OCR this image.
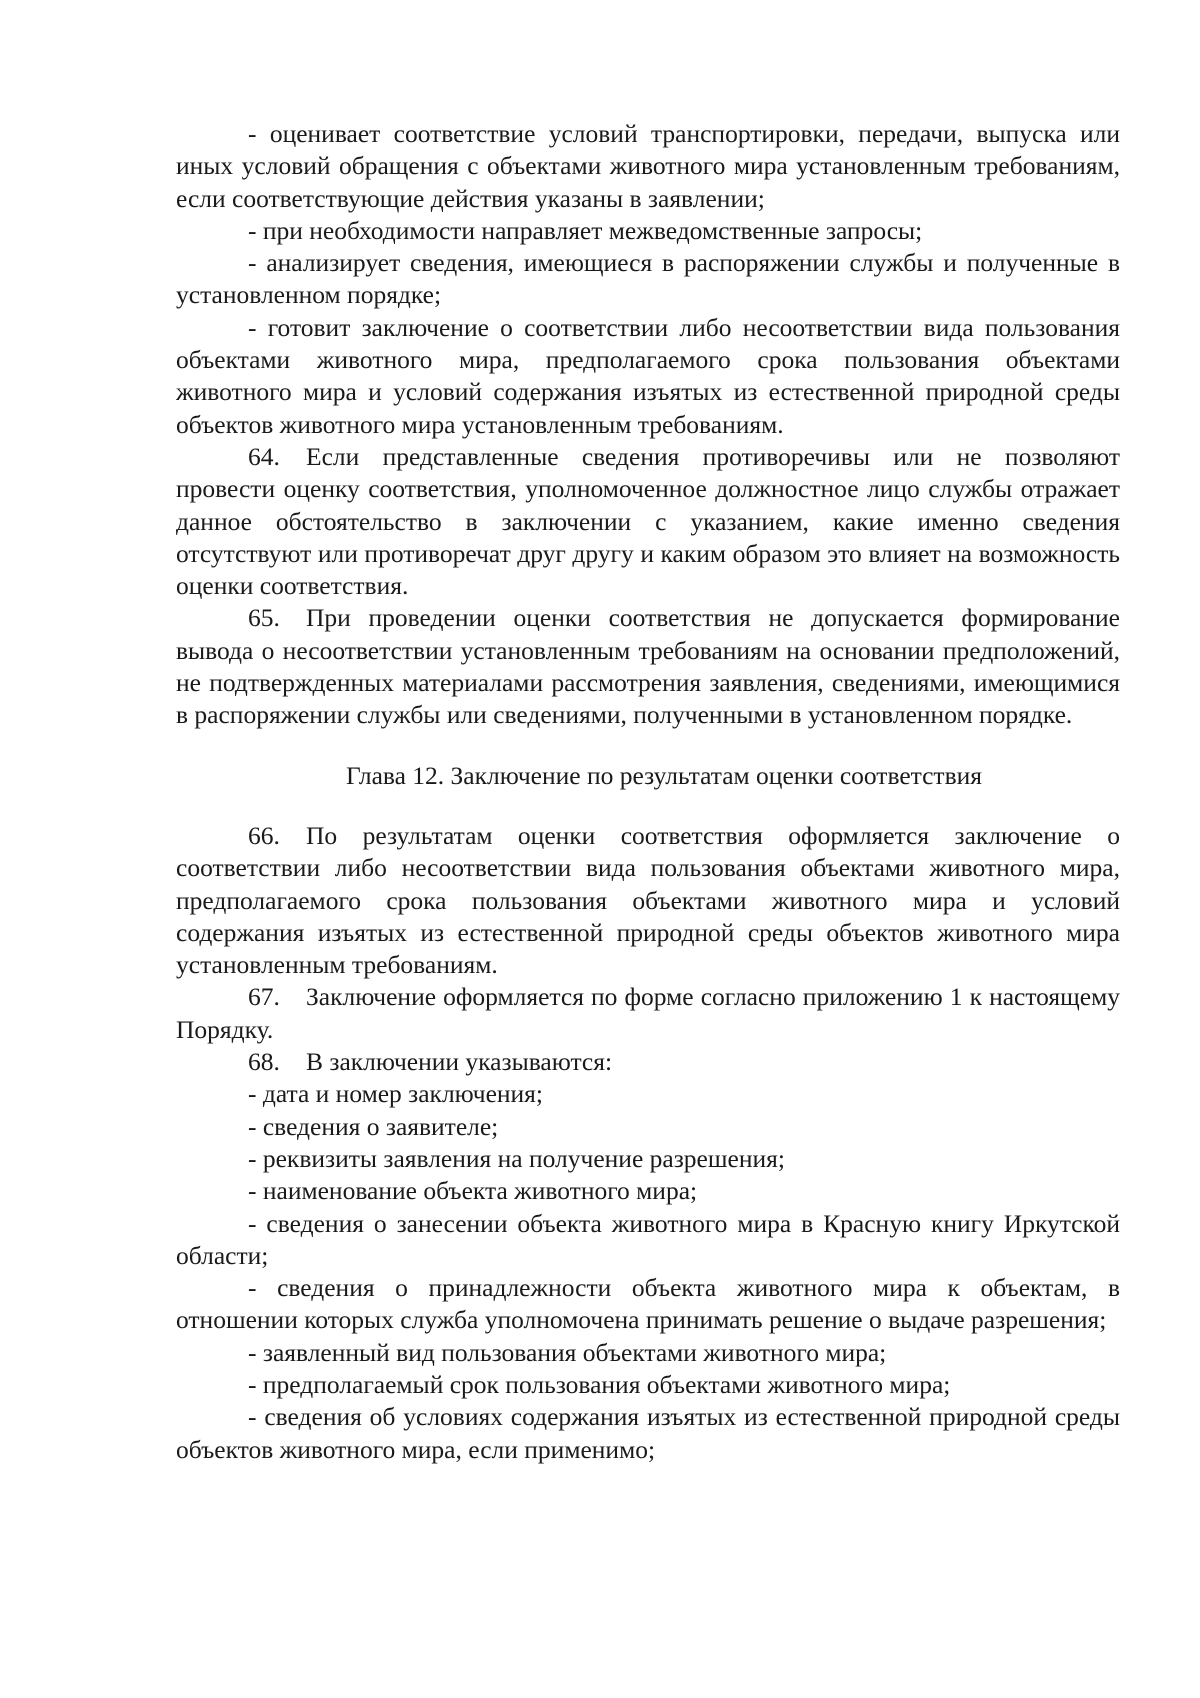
- оценивает соответствие условий транспортировки, передачи, выпуска или иных условий обращения с объектами животного мира установленным требованиям, если соответствующие действия указаны в заявлении;

- при необходимости направляет межведомственные запросы;

- анализирует сведения, имеющиеся в распоряжении службы и полученные в установленном порядке;

- готовит заключение о соответствии либо несоответствии вида пользования объектами животного мира, предполагаемого срока пользования объектами животного мира и условий содержания изъятых из естественной природной среды объектов животного мира установленным требованиям.

64. Если представленные сведения противоречивы или не позволяют провести оценку соответствия, уполномоченное должностное лицо службы отражает данное обстоятельство в заключении с указанием, какие именно сведения отсутствуют или противоречат друг другу и каким образом это влияет на возможность оценки соответствия.

65. При проведении оценки соответствия не допускается формирование вывода о несоответствии установленным требованиям на основании предположений, не подтвержденных материалами рассмотрения заявления, сведениями, имеющимися в распоряжении службы или сведениями, полученными в установленном порядке.

Глава 12. Заключение по результатам оценки соответствия

66. По результатам оценки соответствия оформляется заключение о соответствии либо несоответствии вида пользования объектами животного мира, предполагаемого срока пользования объектами животного мира и условий содержания изъятых из естественной природной среды объектов животного мира установленным требованиям.

67. Заключение оформляется по форме согласно приложению 1 к настоящему Порядку.

68. В заключении указываются:

- дата и номер заключения;

- сведения о заявителе;

- реквизиты заявления на получение разрешения;

- наименование объекта животного мира;

- сведения о занесении объекта животного мира в Красную книгу Иркутской области;

- сведения о принадлежности объекта животного мира к объектам, в отношении которых служба уполномочена принимать решение о выдаче разрешения;

- заявленный вид пользования объектами животного мира;

- предполагаемый срок пользования объектами животного мира;

- сведения об условиях содержания изъятых из естественной природной среды объектов животного мира, если применимо;
